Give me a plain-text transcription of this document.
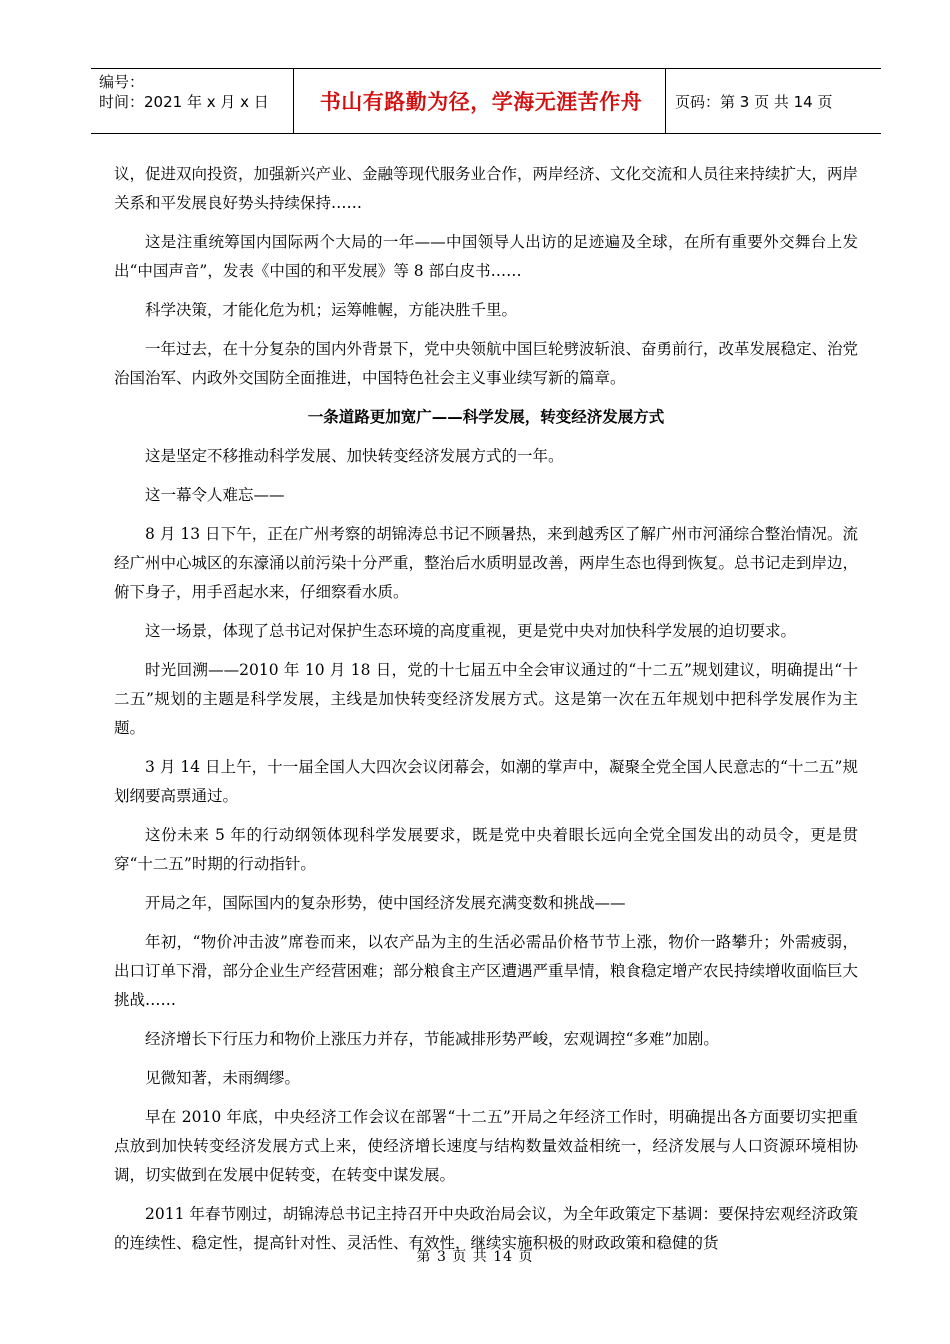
编号：
时间：2021 年 x 月 x 日	书山有路勤为径，学海无涯苦作舟	页码：第 3 页 共 14 页

议，促进双向投资，加强新兴产业、金融等现代服务业合作，两岸经济、文化交流和人员往来持续扩大，两岸关系和平发展良好势头持续保持……

这是注重统筹国内国际两个大局的一年——中国领导人出访的足迹遍及全球，在所有重要外交舞台上发出“中国声音”，发表《中国的和平发展》等 8 部白皮书……

科学决策，才能化危为机；运筹帷幄，方能决胜千里。

一年过去，在十分复杂的国内外背景下，党中央领航中国巨轮劈波斩浪、奋勇前行，改革发展稳定、治党治国治军、内政外交国防全面推进，中国特色社会主义事业续写新的篇章。

一条道路更加宽广——科学发展，转变经济发展方式

这是坚定不移推动科学发展、加快转变经济发展方式的一年。

这一幕令人难忘——

8 月 13 日下午，正在广州考察的胡锦涛总书记不顾暑热，来到越秀区了解广州市河涌综合整治情况。流经广州中心城区的东濠涌以前污染十分严重，整治后水质明显改善，两岸生态也得到恢复。总书记走到岸边，俯下身子，用手舀起水来，仔细察看水质。

这一场景，体现了总书记对保护生态环境的高度重视，更是党中央对加快科学发展的迫切要求。

时光回溯——2010 年 10 月 18 日，党的十七届五中全会审议通过的“十二五”规划建议，明确提出“十二五”规划的主题是科学发展，主线是加快转变经济发展方式。这是第一次在五年规划中把科学发展作为主题。

3 月 14 日上午，十一届全国人大四次会议闭幕会，如潮的掌声中，凝聚全党全国人民意志的“十二五”规划纲要高票通过。

这份未来 5 年的行动纲领体现科学发展要求，既是党中央着眼长远向全党全国发出的动员令，更是贯穿“十二五”时期的行动指针。

开局之年，国际国内的复杂形势，使中国经济发展充满变数和挑战——

年初，“物价冲击波”席卷而来，以农产品为主的生活必需品价格节节上涨，物价一路攀升；外需疲弱，出口订单下滑，部分企业生产经营困难；部分粮食主产区遭遇严重旱情，粮食稳定增产农民持续增收面临巨大挑战……

经济增长下行压力和物价上涨压力并存，节能减排形势严峻，宏观调控“多难”加剧。

见微知著，未雨绸缪。

早在 2010 年底，中央经济工作会议在部署“十二五”开局之年经济工作时，明确提出各方面要切实把重点放到加快转变经济发展方式上来，使经济增长速度与结构数量效益相统一，经济发展与人口资源环境相协调，切实做到在发展中促转变，在转变中谋发展。

2011 年春节刚过，胡锦涛总书记主持召开中央政治局会议，为全年政策定下基调：要保持宏观经济政策的连续性、稳定性，提高针对性、灵活性、有效性，继续实施积极的财政政策和稳健的货

第 3 页 共 14 页
